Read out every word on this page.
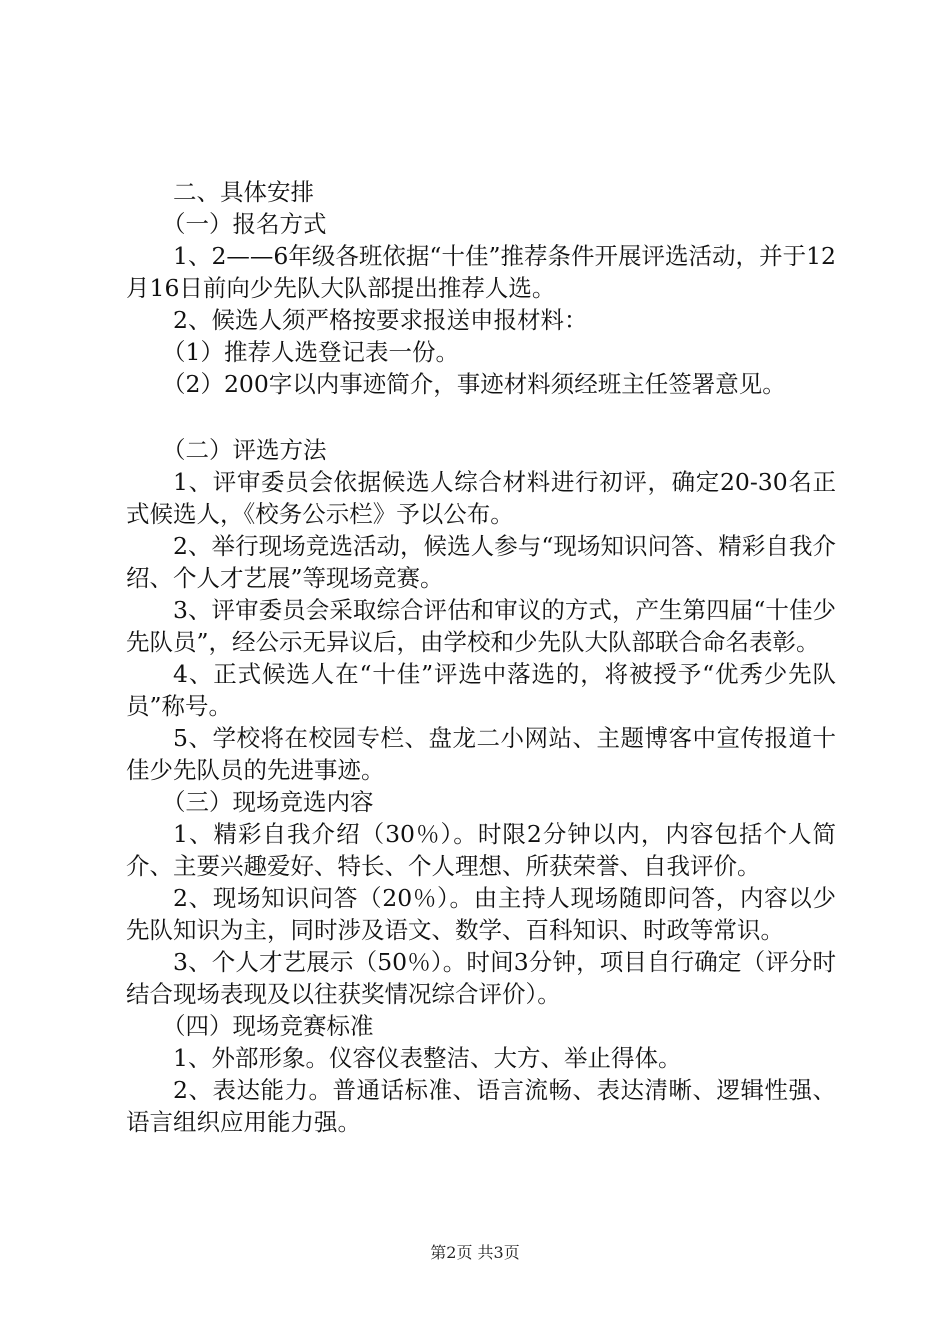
二、具体安排

（一）报名方式

1、2——6年级各班依据“十佳”推荐条件开展评选活动，并于12月16日前向少先队大队部提出推荐人选。

2、候选人须严格按要求报送申报材料：

（1）推荐人选登记表一份。

（2）200字以内事迹简介，事迹材料须经班主任签署意见。

（二）评选方法

1、评审委员会依据候选人综合材料进行初评，确定20-30名正式候选人，《校务公示栏》予以公布。

2、举行现场竞选活动，候选人参与“现场知识问答、精彩自我介绍、个人才艺展”等现场竞赛。

3、评审委员会采取综合评估和审议的方式，产生第四届“十佳少先队员”，经公示无异议后，由学校和少先队大队部联合命名表彰。

4、正式候选人在“十佳”评选中落选的，将被授予“优秀少先队员”称号。

5、学校将在校园专栏、盘龙二小网站、主题博客中宣传报道十佳少先队员的先进事迹。

（三）现场竞选内容

1、精彩自我介绍（30％）。时限2分钟以内，内容包括个人简介、主要兴趣爱好、特长、个人理想、所获荣誉、自我评价。

2、现场知识问答（20％）。由主持人现场随即问答，内容以少先队知识为主，同时涉及语文、数学、百科知识、时政等常识。

3、个人才艺展示（50％）。时间3分钟，项目自行确定（评分时结合现场表现及以往获奖情况综合评价）。

（四）现场竞赛标准

1、外部形象。仪容仪表整洁、大方、举止得体。

2、表达能力。普通话标准、语言流畅、表达清晰、逻辑性强、语言组织应用能力强。

第2页 共3页
